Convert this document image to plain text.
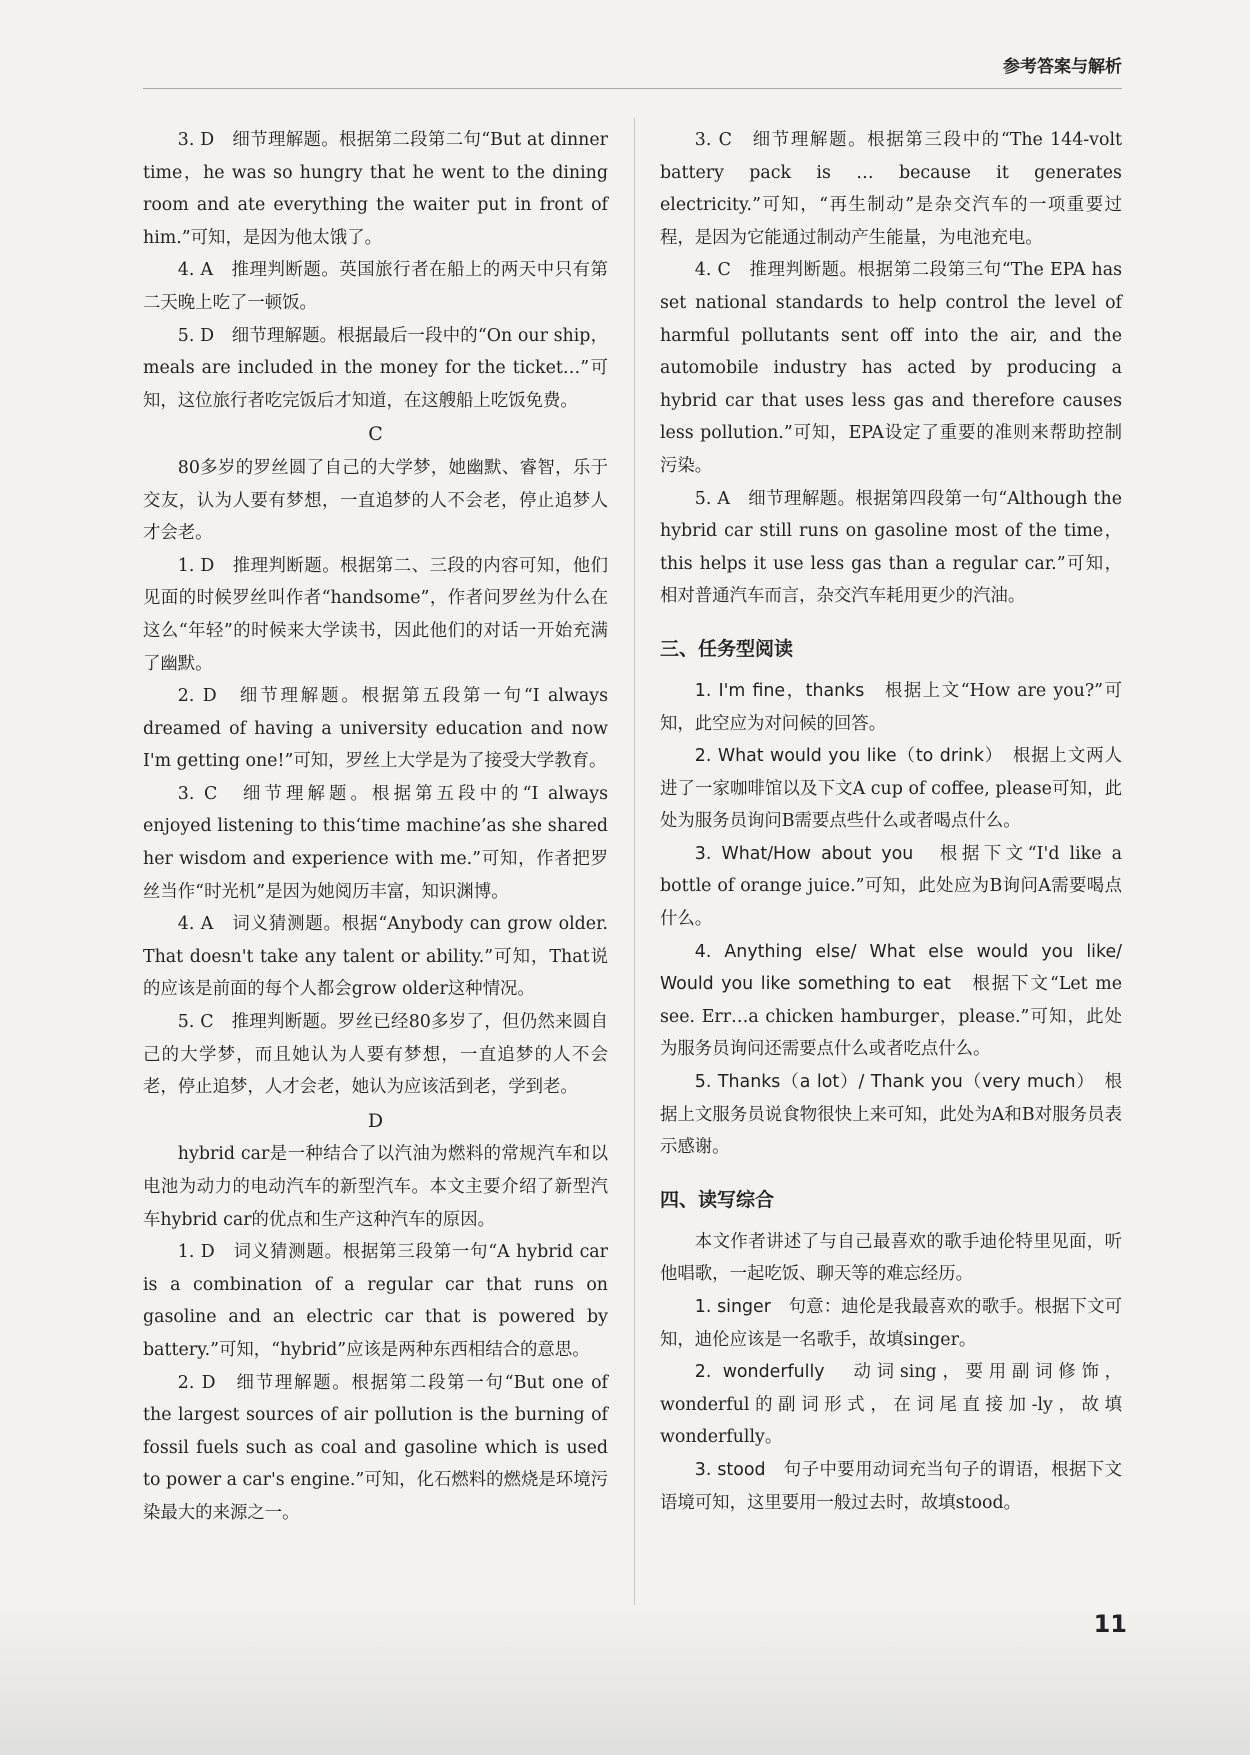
参考答案与解析

3. D　细节理解题。根据第二段第二句“But at dinner time，he was so hungry that he went to the dining room and ate everything the waiter put in front of him.”可知，是因为他太饿了。

4. A　推理判断题。英国旅行者在船上的两天中只有第二天晚上吃了一顿饭。

5. D　细节理解题。根据最后一段中的“On our ship，meals are included in the money for the ticket…”可知，这位旅行者吃完饭后才知道，在这艘船上吃饭免费。

C

80多岁的罗丝圆了自己的大学梦，她幽默、睿智，乐于交友，认为人要有梦想，一直追梦的人不会老，停止追梦人才会老。

1. D　推理判断题。根据第二、三段的内容可知，他们见面的时候罗丝叫作者“handsome”，作者问罗丝为什么在这么“年轻”的时候来大学读书，因此他们的对话一开始充满了幽默。

2. D　细节理解题。根据第五段第一句“I always dreamed of having a university education and now I'm getting one!”可知，罗丝上大学是为了接受大学教育。

3. C　细节理解题。根据第五段中的“I always enjoyed listening to this‘time machine’as she shared her wisdom and experience with me.”可知，作者把罗丝当作“时光机”是因为她阅历丰富，知识渊博。

4. A　词义猜测题。根据“Anybody can grow older. That doesn't take any talent or ability.”可知，That说的应该是前面的每个人都会grow older这种情况。

5. C　推理判断题。罗丝已经80多岁了，但仍然来圆自己的大学梦，而且她认为人要有梦想，一直追梦的人不会老，停止追梦，人才会老，她认为应该活到老，学到老。

D

hybrid car是一种结合了以汽油为燃料的常规汽车和以电池为动力的电动汽车的新型汽车。本文主要介绍了新型汽车hybrid car的优点和生产这种汽车的原因。

1. D　词义猜测题。根据第三段第一句“A hybrid car is a combination of a regular car that runs on gasoline and an electric car that is powered by battery.”可知，“hybrid”应该是两种东西相结合的意思。

2. D　细节理解题。根据第二段第一句“But one of the largest sources of air pollution is the burning of fossil fuels such as coal and gasoline which is used to power a car's engine.”可知，化石燃料的燃烧是环境污染最大的来源之一。

3. C　细节理解题。根据第三段中的“The 144-volt battery pack is … because it generates electricity.”可知，“再生制动”是杂交汽车的一项重要过程，是因为它能通过制动产生能量，为电池充电。

4. C　推理判断题。根据第二段第三句“The EPA has set national standards to help control the level of harmful pollutants sent off into the air, and the automobile industry has acted by producing a hybrid car that uses less gas and therefore causes less pollution.”可知，EPA设定了重要的准则来帮助控制污染。

5. A　细节理解题。根据第四段第一句“Although the hybrid car still runs on gasoline most of the time，this helps it use less gas than a regular car.”可知，相对普通汽车而言，杂交汽车耗用更少的汽油。

三、任务型阅读

1. I'm fine，thanks　根据上文“How are you?”可知，此空应为对问候的回答。

2. What would you like（to drink）　根据上文两人进了一家咖啡馆以及下文A cup of coffee, please可知，此处为服务员询问B需要点些什么或者喝点什么。

3. What/How about you　根据下文“I'd like a bottle of orange juice.”可知，此处应为B询问A需要喝点什么。

4. Anything else/ What else would you like/ Would you like something to eat　根据下文“Let me see. Err…a chicken hamburger，please.”可知，此处为服务员询问还需要点什么或者吃点什么。

5. Thanks（a lot）/ Thank you（very much）　根据上文服务员说食物很快上来可知，此处为A和B对服务员表示感谢。

四、读写综合

本文作者讲述了与自己最喜欢的歌手迪伦特里见面，听他唱歌，一起吃饭、聊天等的难忘经历。

1. singer　句意：迪伦是我最喜欢的歌手。根据下文可知，迪伦应该是一名歌手，故填singer。

2. wonderfully　动词sing，要用副词修饰，wonderful的副词形式，在词尾直接加-ly，故填wonderfully。

3. stood　句子中要用动词充当句子的谓语，根据下文语境可知，这里要用一般过去时，故填stood。

11
